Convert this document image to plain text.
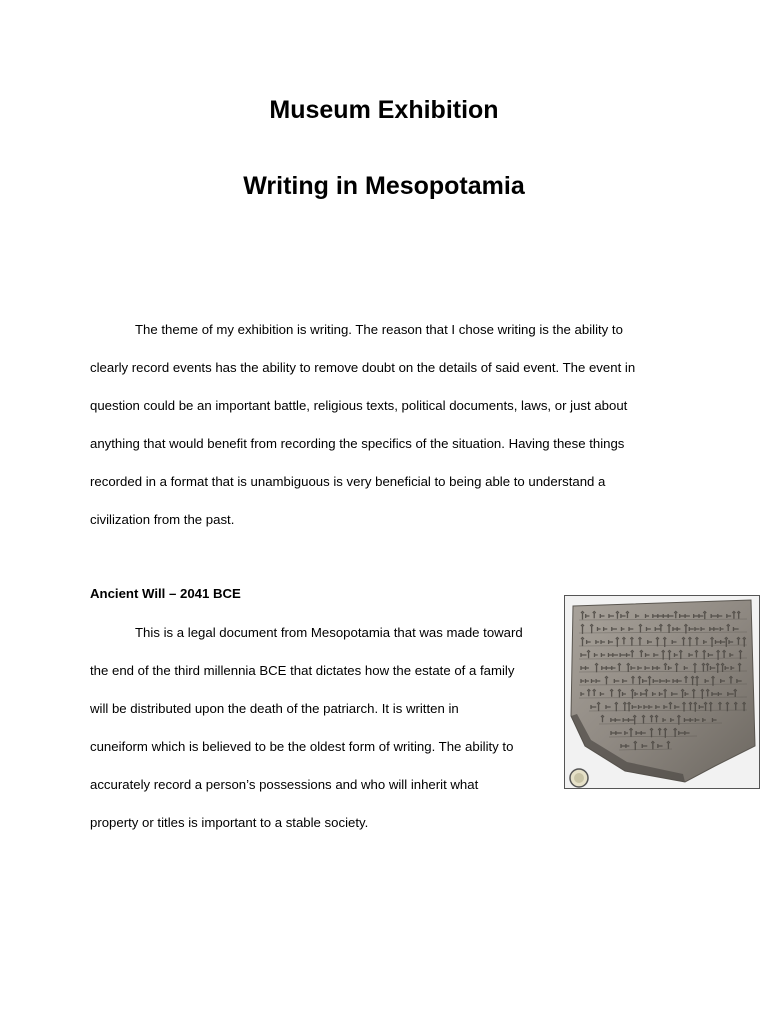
Museum Exhibition
Writing in Mesopotamia

The theme of my exhibition is writing. The reason that I chose writing is the ability to
clearly record events has the ability to remove doubt on the details of said event. The event in
question could be an important battle, religious texts, political documents, laws, or just about
anything that would benefit from recording the specifics of the situation. Having these things
recorded in a format that is unambiguous is very beneficial to being able to understand a
civilization from the past.

Ancient Will – 2041 BCE

This is a legal document from Mesopotamia that was made toward
the end of the third millennia BCE that dictates how the estate of a family
will be distributed upon the death of the patriarch. It is written in
cuneiform which is believed to be the oldest form of writing. The ability to
accurately record a person’s possessions and who will inherit what
property or titles is important to a stable society.
